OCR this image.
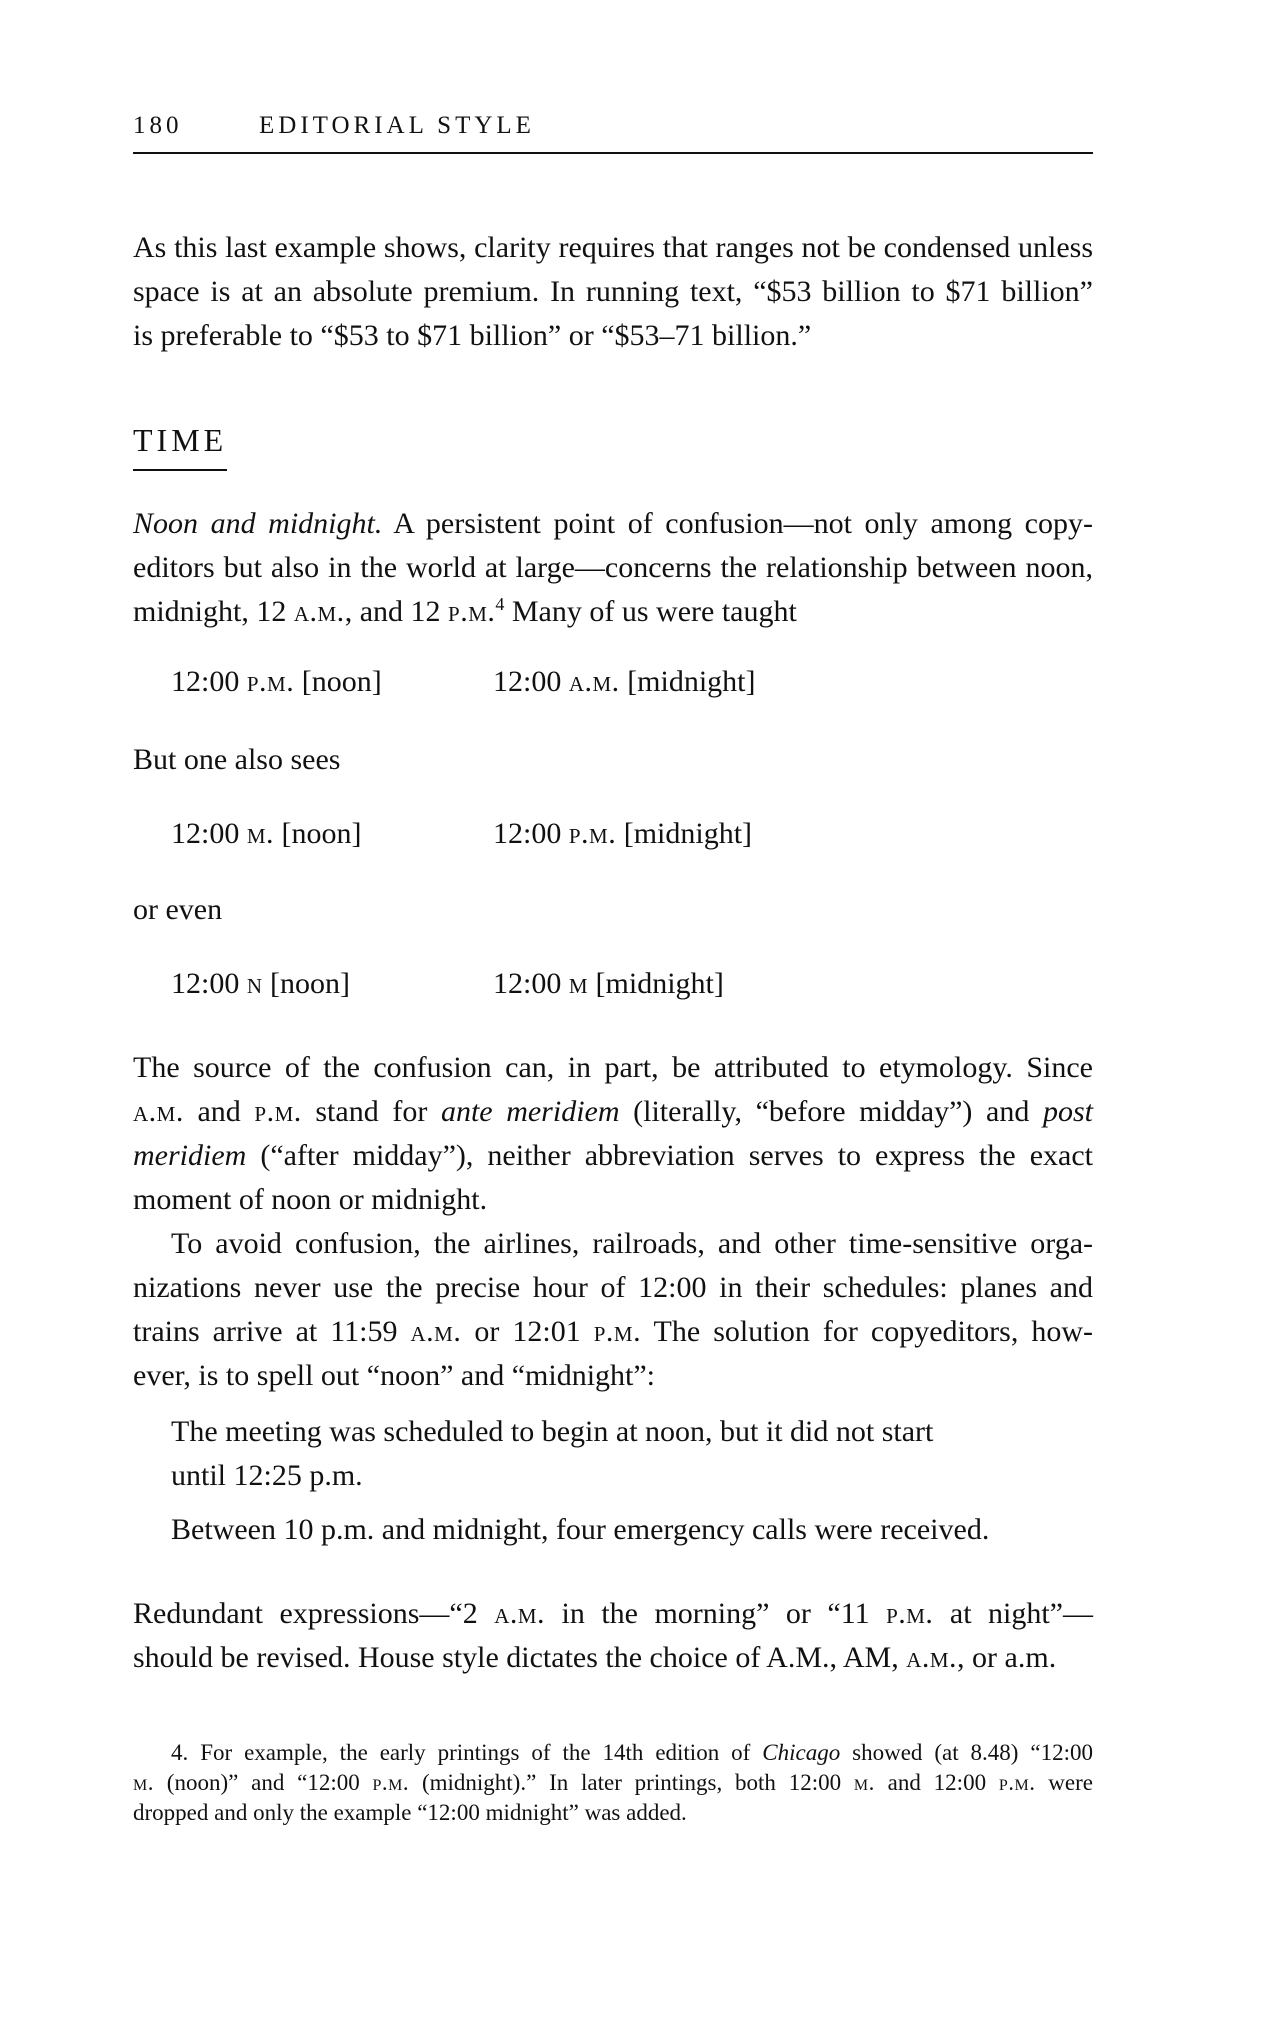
180	EDITORIAL STYLE

As this last example shows, clarity requires that ranges not be condensed unless
space is at an absolute premium. In running text, “$53 billion to $71 billion”
is preferable to “$53 to $71 billion” or “$53–71 billion.”

TIME

Noon and midnight. A persistent point of confusion—not only among copy-
editors but also in the world at large—concerns the relationship between noon,
midnight, 12 a.m., and 12 p.m.$^4$ Many of us were taught

12:00 p.m. [noon]	12:00 a.m. [midnight]

But one also sees

12:00 m. [noon]	12:00 p.m. [midnight]

or even

12:00 n [noon]	12:00 m [midnight]

The source of the confusion can, in part, be attributed to etymology. Since
a.m. and p.m. stand for ante meridiem (literally, “before midday”) and post
meridiem (“after midday”), neither abbreviation serves to express the exact
moment of noon or midnight.

To avoid confusion, the airlines, railroads, and other time-sensitive orga-
nizations never use the precise hour of 12:00 in their schedules: planes and
trains arrive at 11:59 a.m. or 12:01 p.m. The solution for copyeditors, how-
ever, is to spell out “noon” and “midnight”:

The meeting was scheduled to begin at noon, but it did not start
until 12:25 p.m.

Between 10 p.m. and midnight, four emergency calls were received.

Redundant expressions—“2 a.m. in the morning” or “11 p.m. at night”—
should be revised. House style dictates the choice of A.M., AM, a.m., or a.m.

4. For example, the early printings of the 14th edition of Chicago showed (at 8.48) “12:00
m. (noon)” and “12:00 p.m. (midnight).” In later printings, both 12:00 m. and 12:00 p.m. were
dropped and only the example “12:00 midnight” was added.
